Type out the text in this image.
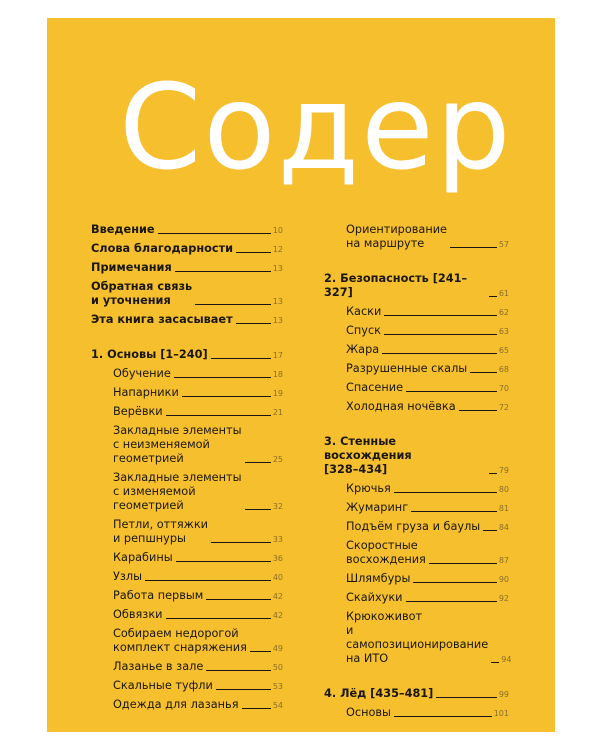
Содер
Введение	10
Слова благодарности	12
Примечания	13
Обратная связь
и уточнения	13
Эта книга засасывает	13
1. Основы [1–240]	17
Обучение	18
Напарники	19
Верёвки	21
Закладные элементы
с неизменяемой
геометрией	25
Закладные элементы
с изменяемой
геометрией	32
Петли, оттяжки
и репшнуры	33
Карабины	36
Узлы	40
Работа первым	42
Обвязки	42
Собираем недорогой
комплект снаряжения	49
Лазанье в зале	50
Скальные туфли	53
Одежда для лазанья	54
Ориентирование
на маршруте	57
2. Безопасность [241–327]	61
Каски	62
Спуск	63
Жара	65
Разрушенные скалы	68
Спасение	70
Холодная ночёвка	72
3. Стенные восхождения
[328–434]	79
Крючья	80
Жумаринг	81
Подъём груза и баулы 84
Скоростные
восхождения	87
Шлямбуры	90
Скайхуки	92
Крюкоживот
и самопозиционирование
на ИТО	94
4. Лёд [435–481]	99
Основы	101
